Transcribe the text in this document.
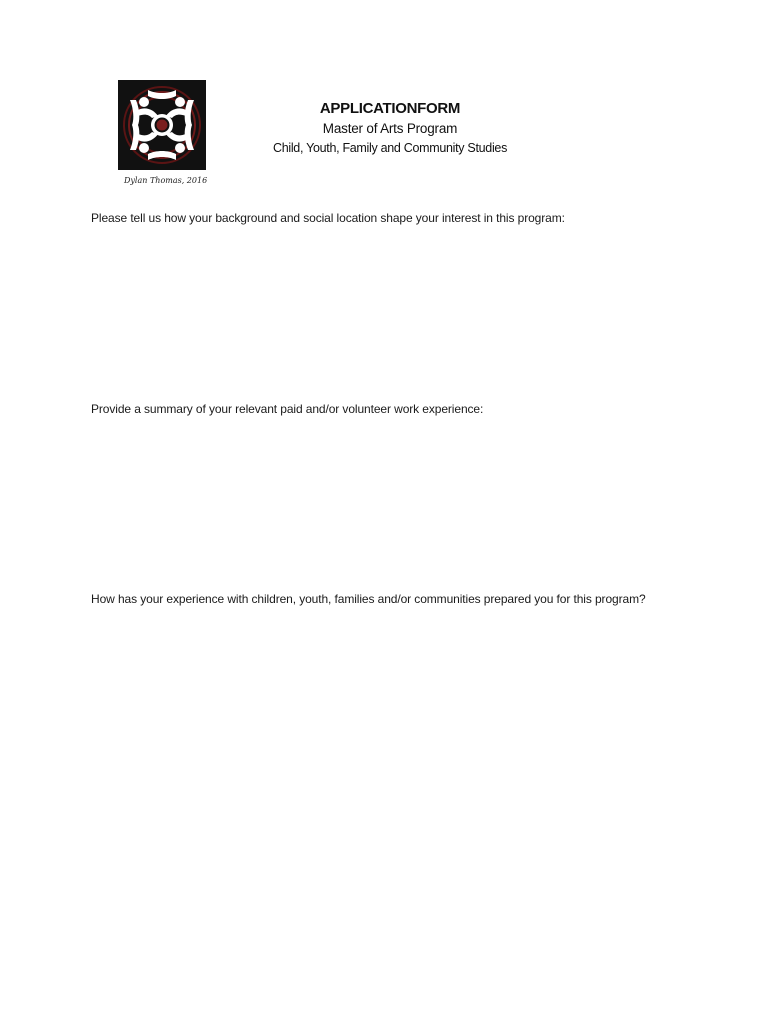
Dylan Thomas, 2016
APPLICATIONFORM
Master of Arts Program
Child, Youth, Family and Community Studies
Please tell us how your background and social location shape your interest in this program:
Provide a summary of your relevant paid and/or volunteer work experience:
How has your experience with children, youth, families and/or communities prepared you for this program?
